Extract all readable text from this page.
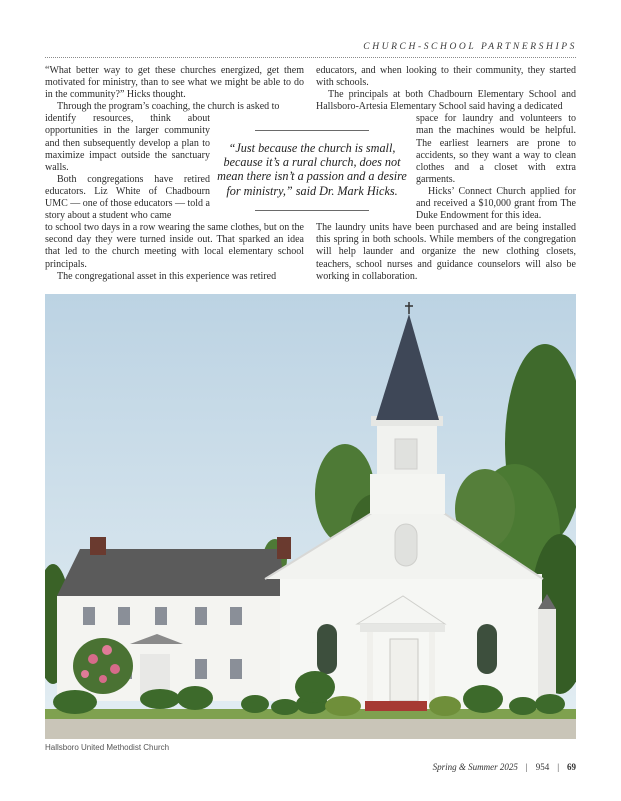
CHURCH-SCHOOL PARTNERSHIPS

“What better way to get these churches energized, get them motivated for ministry, than to see what we might be able to do in the community?” Hicks thought.

Through the program’s coaching, the church is asked to

identify resources, think about opportunities in the larger community and then subsequently develop a plan to maximize impact outside the sanctuary walls.

Both congregations have retired educators. Liz White of Chadbourn UMC — one of those educators — told a story about a student who came

to school two days in a row wearing the same clothes, but on the second day they were turned inside out. That sparked an idea that led to the church meeting with local elementary school principals.

The congregational asset in this experience was retired

“Just because the church is small, because it’s a rural church, does not mean there isn’t a passion and a desire for ministry,” said Dr. Mark Hicks.

educators, and when looking to their community, they started with schools.

The principals at both Chadbourn Elementary School and Hallsboro-Artesia Elementary School said having a dedicated

space for laundry and volunteers to man the machines would be helpful. The earliest learners are prone to accidents, so they want a way to clean clothes and a closet with extra garments.

Hicks’ Connect Church applied for and received a $10,000 grant from The Duke Endowment for this idea.

The laundry units have been purchased and are being installed this spring in both schools. While members of the congregation will help launder and organize the new clothing closets, teachers, school nurses and guidance counselors will also be working in collaboration.

Hallsboro United Methodist Church
Spring & Summer 2025 | 954 | 69
